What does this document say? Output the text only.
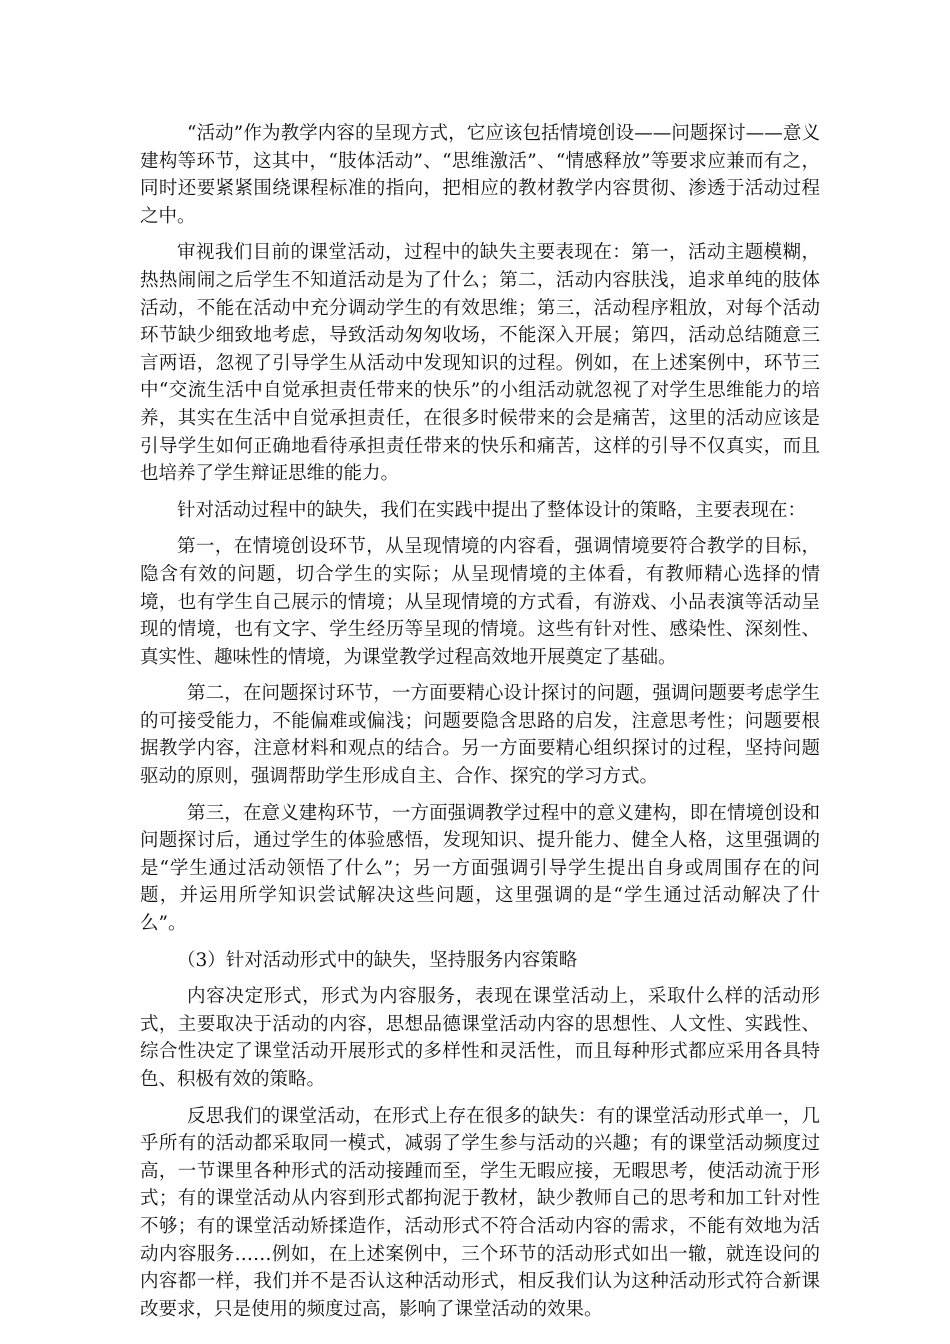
“活动”作为教学内容的呈现方式，它应该包括情境创设——问题探讨——意义建构等环节，这其中，“肢体活动”、“思维激活”、“情感释放”等要求应兼而有之，同时还要紧紧围绕课程标准的指向，把相应的教材教学内容贯彻、渗透于活动过程之中。

审视我们目前的课堂活动，过程中的缺失主要表现在：第一，活动主题模糊，热热闹闹之后学生不知道活动是为了什么；第二，活动内容肤浅，追求单纯的肢体活动，不能在活动中充分调动学生的有效思维；第三，活动程序粗放，对每个活动环节缺少细致地考虑，导致活动匆匆收场，不能深入开展；第四，活动总结随意三言两语，忽视了引导学生从活动中发现知识的过程。例如，在上述案例中，环节三中“交流生活中自觉承担责任带来的快乐”的小组活动就忽视了对学生思维能力的培养，其实在生活中自觉承担责任，在很多时候带来的会是痛苦，这里的活动应该是引导学生如何正确地看待承担责任带来的快乐和痛苦，这样的引导不仅真实，而且也培养了学生辩证思维的能力。

针对活动过程中的缺失，我们在实践中提出了整体设计的策略，主要表现在：

第一，在情境创设环节，从呈现情境的内容看，强调情境要符合教学的目标，隐含有效的问题，切合学生的实际；从呈现情境的主体看，有教师精心选择的情境，也有学生自己展示的情境；从呈现情境的方式看，有游戏、小品表演等活动呈现的情境，也有文字、学生经历等呈现的情境。这些有针对性、感染性、深刻性、真实性、趣味性的情境，为课堂教学过程高效地开展奠定了基础。

第二，在问题探讨环节，一方面要精心设计探讨的问题，强调问题要考虑学生的可接受能力，不能偏难或偏浅；问题要隐含思路的启发，注意思考性；问题要根据教学内容，注意材料和观点的结合。另一方面要精心组织探讨的过程，坚持问题驱动的原则，强调帮助学生形成自主、合作、探究的学习方式。

第三，在意义建构环节，一方面强调教学过程中的意义建构，即在情境创设和问题探讨后，通过学生的体验感悟，发现知识、提升能力、健全人格，这里强调的是“学生通过活动领悟了什么”；另一方面强调引导学生提出自身或周围存在的问题，并运用所学知识尝试解决这些问题，这里强调的是“学生通过活动解决了什么”。

（3）针对活动形式中的缺失，坚持服务内容策略

内容决定形式，形式为内容服务，表现在课堂活动上，采取什么样的活动形式，主要取决于活动的内容，思想品德课堂活动内容的思想性、人文性、实践性、综合性决定了课堂活动开展形式的多样性和灵活性，而且每种形式都应采用各具特色、积极有效的策略。

反思我们的课堂活动，在形式上存在很多的缺失：有的课堂活动形式单一，几乎所有的活动都采取同一模式，减弱了学生参与活动的兴趣；有的课堂活动频度过高，一节课里各种形式的活动接踵而至，学生无暇应接，无暇思考，使活动流于形式；有的课堂活动从内容到形式都拘泥于教材，缺少教师自己的思考和加工针对性不够；有的课堂活动矫揉造作，活动形式不符合活动内容的需求，不能有效地为活动内容服务……例如，在上述案例中，三个环节的活动形式如出一辙，就连设问的内容都一样，我们并不是否认这种活动形式，相反我们认为这种活动形式符合新课改要求，只是使用的频度过高，影响了课堂活动的效果。
